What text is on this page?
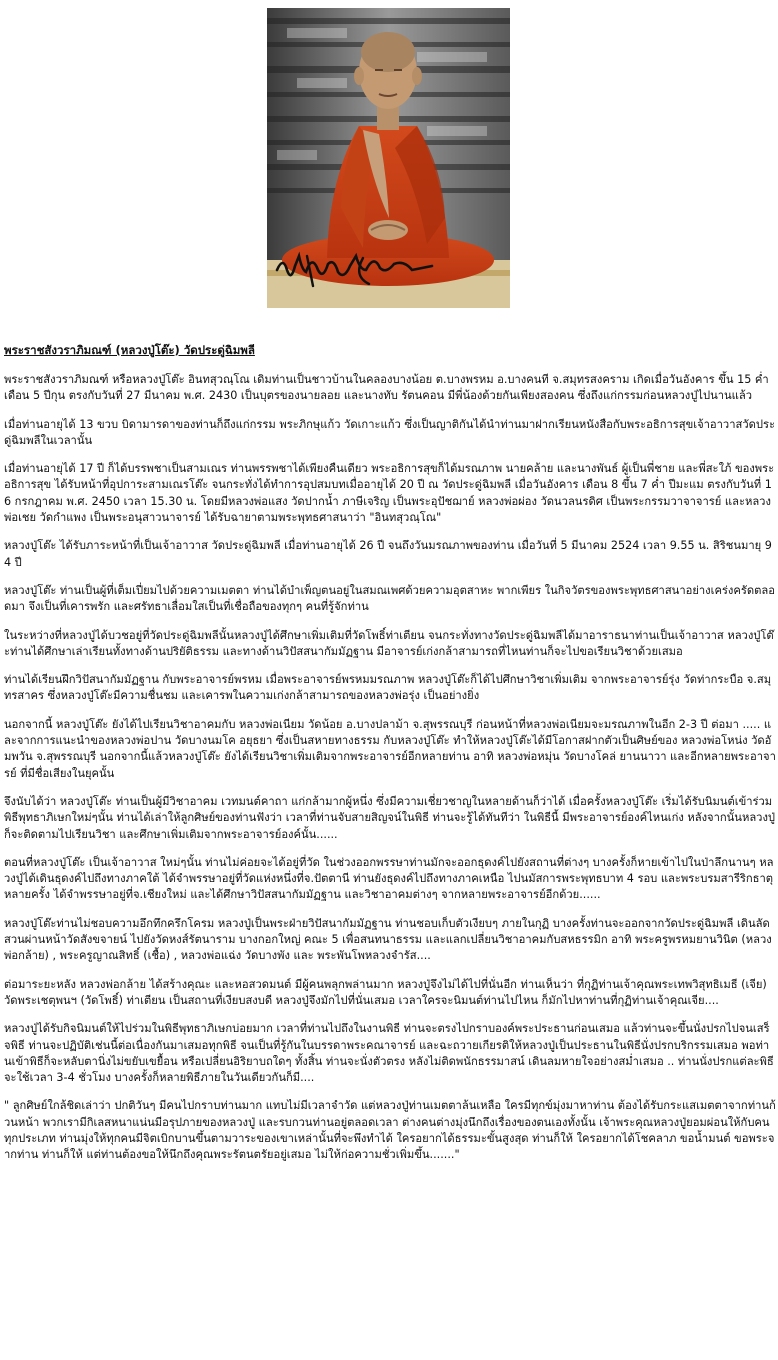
พระราชสังวราภิมณฑ์ (หลวงปู่โต๊ะ) วัดประดู่ฉิมพลี

พระราชสังวราภิมณฑ์ หรือหลวงปู่โต๊ะ อินทสุวณฺโณ เดิมท่านเป็นชาวบ้านในคลองบางน้อย ต.บางพรหม อ.บางคนที จ.สมุทรสงคราม เกิดเมื่อวันอังคาร ขึ้น 15 ค่ำ เดือน 5 ปีกุน ตรงกับวันที่ 27 มีนาคม พ.ศ. 2430 เป็นบุตรของนายลอย และนางทับ รัตนคอน มีพี่น้องด้วยกันเพียงสองคน ซึ่งถึงแก่กรรมก่อนหลวงปู่ไปนานแล้ว

เมื่อท่านอายุได้ 13 ขวบ บิดามารดาของท่านก็ถึงแก่กรรม พระภิกษุแก้ว วัดเกาะแก้ว ซึ่งเป็นญาติกันได้นำท่านมาฝากเรียนหนังสือกับพระอธิการสุขเจ้าอาวาสวัดประดู่ฉิมพลีในเวลานั้น

เมื่อท่านอายุได้ 17 ปี ก็ได้บรรพชาเป็นสามเณร ท่านพรรพชาได้เพียงคืนเดียว พระอธิการสุขก็ได้มรณภาพ นายคล้าย และนางพันธ์ ผู้เป็นพี่ชาย และพี่สะใภ้ ของพระอธิการสุข ได้รับหน้าที่อุปการะสามเณรโต๊ะ จนกระทั่งได้ทำการอุปสมบทเมื่ออายุได้ 20 ปี ณ วัดประดู่ฉิมพลี เมื่อวันอังคาร เดือน 8 ขึ้น 7 ค่ำ ปีมะแม ตรงกับวันที่ 16 กรกฎาคม พ.ศ. 2450 เวลา 15.30 น. โดยมีหลวงพ่อแสง วัดปากน้ำ ภาษีเจริญ เป็นพระอุปัชฌาย์ หลวงพ่อผ่อง วัดนวลนรดิศ เป็นพระกรรมวาจาจารย์ และหลวงพ่อเชย วัดกำแพง เป็นพระอนุสาวนาจารย์ ได้รับฉายาตามพระพุทธศาสนาว่า "อินทสุวณฺโณ"

หลวงปู่โต๊ะ ได้รับภาระหน้าที่เป็นเจ้าอาวาส วัดประดู่ฉิมพลี เมื่อท่านอายุได้ 26 ปี จนถึงวันมรณภาพของท่าน เมื่อวันที่ 5 มีนาคม 2524 เวลา 9.55 น. สิริชนมายุ 94 ปี

หลวงปู่โต๊ะ ท่านเป็นผู้ที่เต็มเปี่ยมไปด้วยความเมตตา ท่านได้บำเพ็ญตนอยู่ในสมณเพศด้วยความอุตสาหะ พากเพียร ในกิจวัตรของพระพุทธศาสนาอย่างเคร่งครัดตลอดมา จึงเป็นที่เคารพรัก และศรัทธาเลื่อมใสเป็นที่เชื่อถือของทุกๆ คนที่รู้จักท่าน

ในระหว่างที่หลวงปู่ได้บวชอยู่ที่วัดประดู่ฉิมพลีนั้นหลวงปู่ได้ศึกษาเพิ่มเติมที่วัดโพธิ์ท่าเตียน จนกระทั่งทางวัดประดู่ฉิมพลีได้มาอาราธนาท่านเป็นเจ้าอาวาส หลวงปู่โต๊ะท่านได้ศึกษาเล่าเรียนทั้งทางด้านปริยัติธรรม และทางด้านวิปัสสนากัมมัฏฐาน มีอาจารย์เก่งกล้าสามารถที่ไหนท่านก็จะไปขอเรียนวิชาด้วยเสมอ

ท่านได้เรียนฝึกวิปัสนากัมมัฏฐาน กับพระอาจารย์พรหม เมื่อพระอาจารย์พรหมมรณภาพ หลวงปู่โต๊ะก็ได้ไปศึกษาวิชาเพิ่มเติม จากพระอาจารย์รุ่ง วัดท่ากระบือ จ.สมุทรสาคร ซึ่งหลวงปู่โต๊ะมีความชื่นชม และเคารพในความเก่งกล้าสามารถของหลวงพ่อรุ่ง เป็นอย่างยิ่ง

นอกจากนี้ หลวงปู่โต๊ะ ยังได้ไปเรียนวิชาอาคมกับ หลวงพ่อเนียม วัดน้อย อ.บางปลาม้า จ.สุพรรณบุรี ก่อนหน้าที่หลวงพ่อเนียมจะมรณภาพในอีก 2-3 ปี ต่อมา ..... และจากการแนะนำของหลวงพ่อปาน วัดบางนมโค อยุธยา ซึ่งเป็นสหายทางธรรม กับหลวงปู่โต๊ะ ทำให้หลวงปู่โต๊ะได้มีโอกาสฝากตัวเป็นศิษย์ของ หลวงพ่อโหน่ง วัดอัมพวัน จ.สุพรรณบุรี นอกจากนี้แล้วหลวงปู่โต๊ะ ยังได้เรียนวิชาเพิ่มเติมจากพระอาจารย์อีกหลายท่าน อาทิ หลวงพ่อหมุ่น วัดบางโคล่ ยานนาวา และอีกหลายพระอาจารย์ ที่มีชื่อเสียงในยุคนั้น

จึงนับได้ว่า หลวงปู่โต๊ะ ท่านเป็นผู้มีวิชาอาคม เวทมนต์คาถา แก่กล้ามากผู้หนึ่ง ซึ่งมีความเชี่ยวชาญในหลายด้านก็ว่าได้ เมื่อครั้งหลวงปู่โต๊ะ เริ่มได้รับนิมนต์เข้าร่วมพิธีพุทธาภิเษกใหม่ๆนั้น ท่านได้เล่าให้ลูกศิษย์ของท่านฟังว่า เวลาที่ท่านจับสายสิญจน์ในพิธี ท่านจะรู้ได้ทันทีว่า ในพิธีนี้ มีพระอาจารย์องค์ไหนเก่ง หลังจากนั้นหลวงปู่ก็จะติดตามไปเรียนวิชา และศึกษาเพิ่มเติมจากพระอาจารย์องค์นั้น......

ตอนที่หลวงปู่โต๊ะ เป็นเจ้าอาวาส ใหม่ๆนั้น ท่านไม่ค่อยจะได้อยู่ที่วัด ในช่วงออกพรรษาท่านมักจะออกธุดงค์ไปยังสถานที่ต่างๆ บางครั้งก็หายเข้าไปในป่าลึกนานๆ หลวงปู่ได้เดินธุดงค์ไปถึงทางภาคใต้ ได้จำพรรษาอยู่ที่วัดแห่งหนึ่งที่จ.ปัตตานี ท่านยังธุดงค์ไปถึงทางภาคเหนือ ไปนมัสการพระพุทธบาท 4 รอบ และพระบรมสารีริกธาตุหลายครั้ง ได้จำพรรษาอยู่ที่จ.เชียงใหม่ และได้ศึกษาวิปัสสนากัมมัฏฐาน และวิชาอาคมต่างๆ จากหลายพระอาจารย์อีกด้วย......

หลวงปู่โต๊ะท่านไม่ชอบความอึกทึกครึกโครม หลวงปู่เป็นพระฝ่ายวิปัสนากัมมัฏฐาน ท่านชอบเก็บตัวเงียบๆ ภายในกุฏิ บางครั้งท่านจะออกจากวัดประดู่ฉิมพลี เดินลัดสวนผ่านหน้าวัดสังขจายน์ ไปยังวัดหงส์รัตนาราม บางกอกใหญ่ คณะ 5 เพื่อสนทนาธรรม และแลกเปลี่ยนวิชาอาคมกับสหธรรมิก อาทิ พระครูพรหมยานวินิต (หลวงพ่อกล้าย) , พระครูญาณสิทธิ์ (เชื้อ) , หลวงพ่อแฉ่ง วัดบางพัง และ พระพันโพหลวงจำรัส....

ต่อมาระยะหลัง หลวงพ่อกล้าย ได้สร้างคุณะ และหอสวดมนต์ มีผู้คนพลุกพล่านมาก หลวงปู่จึงไม่ได้ไปที่นั่นอีก ท่านเห็นว่า ที่กุฏิท่านเจ้าคุณพระเทพวิสุทธิเมธี (เจีย) วัดพระเชตุพนฯ (วัดโพธิ์) ท่าเตียน เป็นสถานที่เงียบสงบดี หลวงปู่จึงมักไปที่นั่นเสมอ เวลาใครจะนิมนต์ท่านไปไหน ก็มักไปหาท่านที่กุฏิท่านเจ้าคุณเจีย....

หลวงปู่ได้รับกิจนิมนต์ให้ไปร่วมในพิธีพุทธาภิเษกบ่อยมาก เวลาที่ท่านไปถึงในงานพิธี ท่านจะตรงไปกราบองค์พระประธานก่อนเสมอ แล้วท่านจะขึ้นนั่งปรกไปจนเสร็จพิธี ท่านจะปฏิบัติเช่นนี้ต่อเนื่องกันมาเสมอทุกพิธี จนเป็นที่รู้กันในบรรดาพระคณาจารย์ และฉะถวายเกียรติให้หลวงปู่เป็นประธานในพิธีนั่งปรกบริกรรมเสมอ พอท่านเข้าพิธีก็จะหลับตานิ่งไม่ขยับเขยื้อน หรือเปลี่ยนอิริยาบถใดๆ ทั้งสิ้น ท่านจะนั่งตัวตรง หลังไม่ติดพนักธรรมาสน์ เดินลมหายใจอย่างสม่ำเสมอ .. ท่านนั่งปรกแต่ละพิธี จะใช้เวลา 3-4 ชั่วโมง บางครั้งก็หลายพิธีภายในวันเดียวกันก็มี....

" ลูกศิษย์ใกล้ชิดเล่าว่า ปกติวันๆ มีคนไปกราบท่านมาก แทบไม่มีเวลาจำวัด แต่หลวงปู่ท่านเมตตาล้นเหลือ ใครมีทุกข์มุ่งมาหาท่าน ต้องได้รับกระแสเมตตาจากท่านก้วนหน้า พวกเรามีกิเลสหนาแน่นมีอรุปภายของหลวงปู่ และรบกวนท่านอยู่ตลอดเวลา ต่างคนต่างมุ่งนึกถึงเรื่องของตนเองทั้งนั้น เจ้าพระคุณหลวงปู่ยอมผ่อนให้กับคนทุกประเภท ท่านมุ่งให้ทุกคนมีจิตเบิกบานขึ้นตามวาระของเขาเหล่านั้นที่จะพึงทำได้ ใครอยากได้ธรรมะขั้นสูงสุด ท่านก็ให้ ใครอยากได้โชคลาภ ขอน้ำมนต์ ขอพระจากท่าน ท่านก็ให้ แต่ท่านต้องขอให้นึกถึงคุณพระรัตนตรัยอยู่เสมอ ไม่ให้ก่อความชั่วเพิ่มขึ้น......."
